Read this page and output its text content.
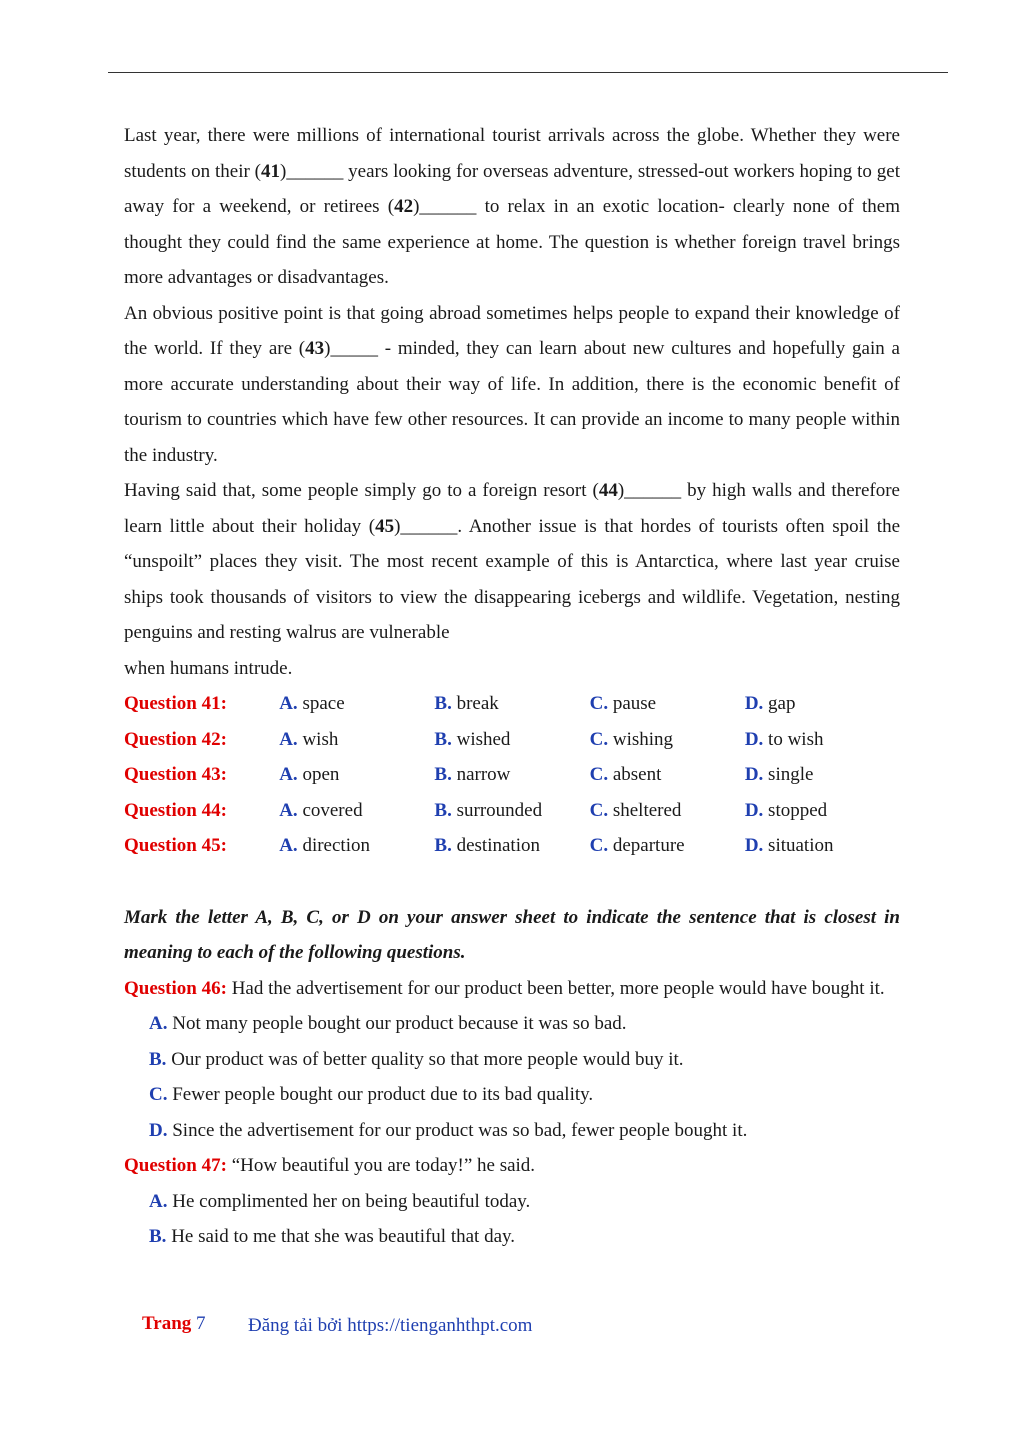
Last year, there were millions of international tourist arrivals across the globe. Whether they were students on their (41)______ years looking for overseas adventure, stressed-out workers hoping to get away for a weekend, or retirees (42)______ to relax in an exotic location- clearly none of them thought they could find the same experience at home. The question is whether foreign travel brings more advantages or disadvantages.

An obvious positive point is that going abroad sometimes helps people to expand their knowledge of the world. If they are (43)_____ - minded, they can learn about new cultures and hopefully gain a more accurate understanding about their way of life. In addition, there is the economic benefit of tourism to countries which have few other resources. It can provide an income to many people within the industry.

Having said that, some people simply go to a foreign resort (44)______ by high walls and therefore learn little about their holiday (45)______. Another issue is that hordes of tourists often spoil the “unspoilt” places they visit. The most recent example of this is Antarctica, where last year cruise ships took thousands of visitors to view the disappearing icebergs and wildlife. Vegetation, nesting penguins and resting walrus are vulnerable

when humans intrude.

Question 41:	A. space	B. break	C. pause	D. gap
Question 42:	A. wish	B. wished	C. wishing	D. to wish
Question 43:	A. open	B. narrow	C. absent	D. single
Question 44:	A. covered	B. surrounded	C. sheltered	D. stopped
Question 45:	A. direction	B. destination	C. departure	D. situation

Mark the letter A, B, C, or D on your answer sheet to indicate the sentence that is closest in meaning to each of the following questions.

Question 46: Had the advertisement for our product been better, more people would have bought it.

A. Not many people bought our product because it was so bad.

B. Our product was of better quality so that more people would buy it.

C. Fewer people bought our product due to its bad quality.

D. Since the advertisement for our product was so bad, fewer people bought it.

Question 47: “How beautiful you are today!” he said.

A. He complimented her on being beautiful today.

B. He said to me that she was beautiful that day.

Trang 7 Đăng tải bởi https://tienganhthpt.com
